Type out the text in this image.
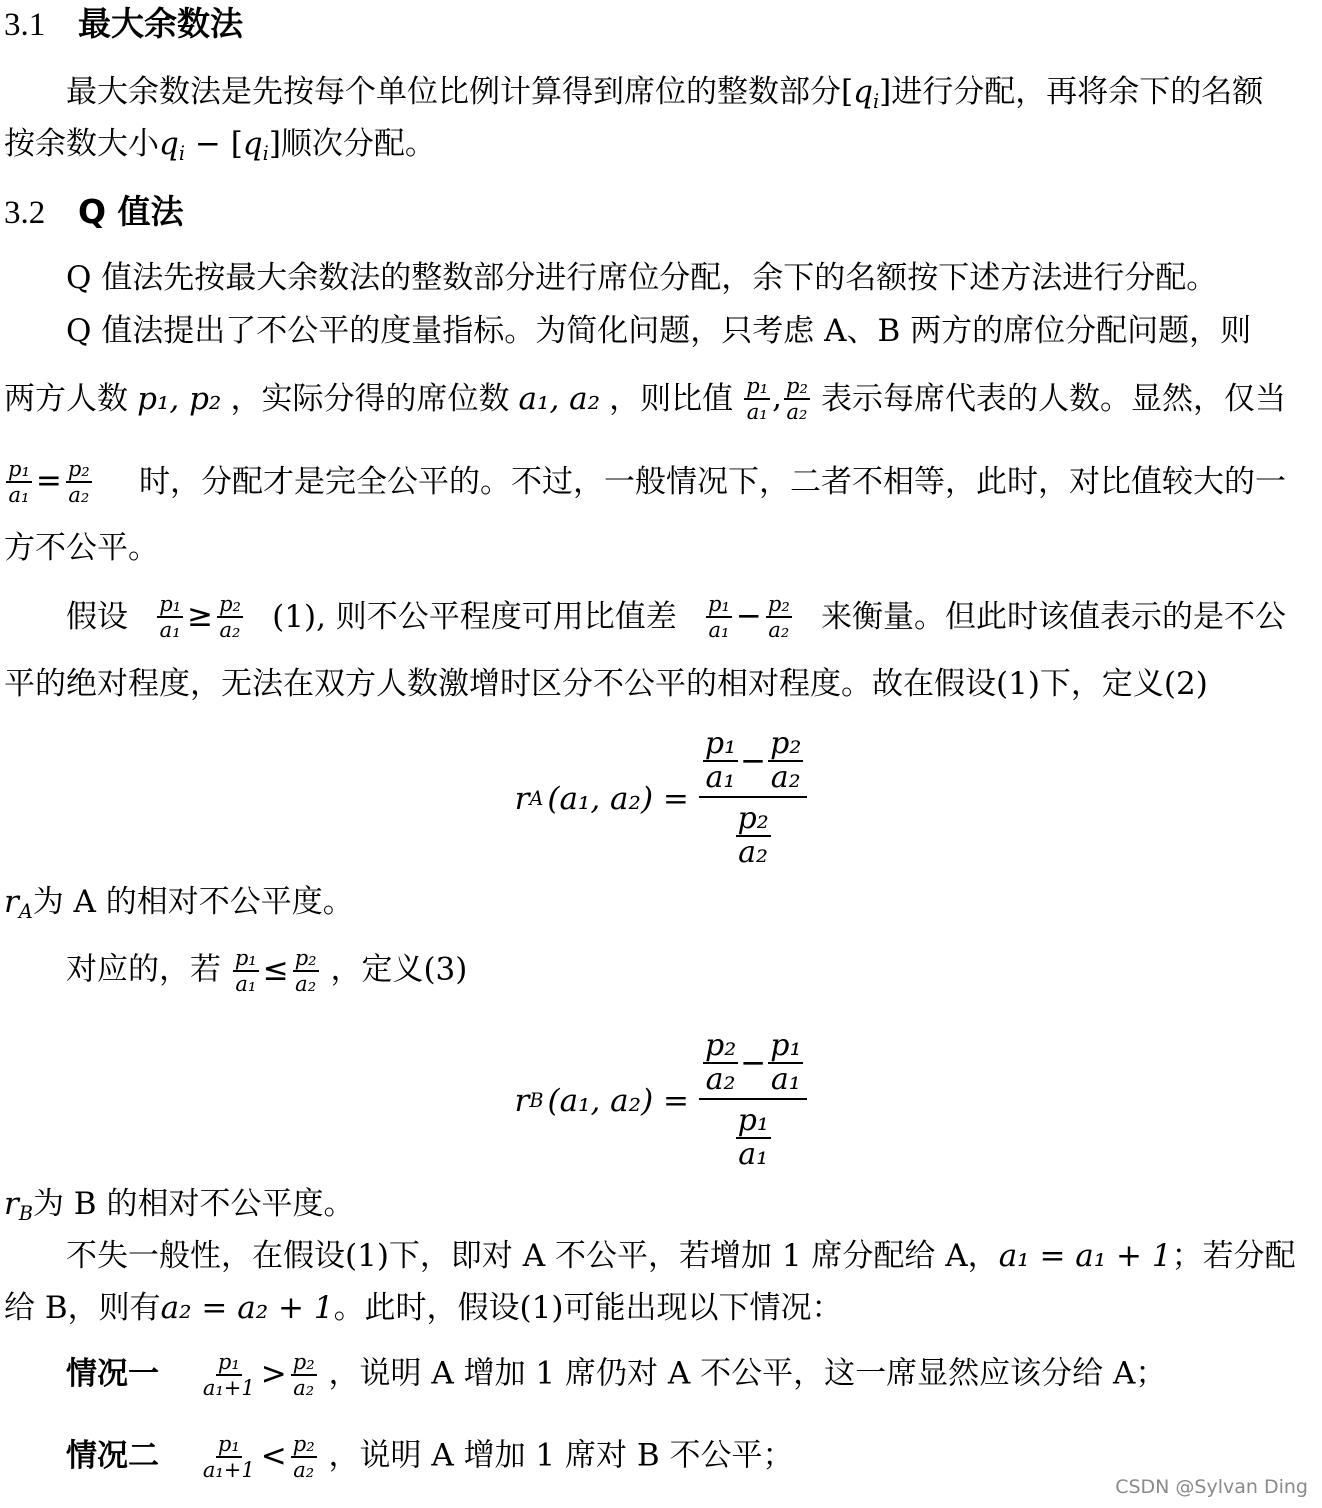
3.1 最大余数法
最大余数法是先按每个单位比例计算得到席位的整数部分$[q_i]$进行分配，再将余下的名额
按余数大小$q_i - [q_i]$顺次分配。
3.2 Q 值法
Q 值法先按最大余数法的整数部分进行席位分配，余下的名额按下述方法进行分配。
Q 值法提出了不公平的度量指标。为简化问题，只考虑 A、B 两方的席位分配问题，则
两方人数 p₁, p₂ ，实际分得的席位数 a₁, a₂ ，则比值 $\frac{\text{p₁}}{\text{a₁}}$ , $\frac{\text{p₂}}{\text{a₂}}$ 表示每席代表的人数。显然，仅当
$\frac{\text{p₁}}{\text{a₁}} = \frac{\text{p₂}}{\text{a₂}}$ 时，分配才是完全公平的。不过，一般情况下，二者不相等，此时，对比值较大的一
方不公平。
假设 $\frac{\text{p₁}}{\text{a₁}} \ge \frac{\text{p₂}}{\text{a₂}} (1)$, 则不公平程度可用比值差 $\frac{\text{p₁}}{\text{a₁}} - \frac{\text{p₂}}{\text{a₂}}$ 来衡量。但此时该值表示的是不公
平的绝对程度，无法在双方人数激增时区分不公平的相对程度。故在假设(1)下，定义(2)
r A (a₁, a₂) = p₁
$a_1 - \frac{\text{p₂}}{\text{a₂}}$
$\frac{\text{p₂}}{\text{a₂}}$
$r_A$为 A 的相对不公平度。
对应的，若 $\frac{\text{p₁}}{\text{a₁}} \le \frac{\text{p₂}}{\text{a₂}}$ ，定义(3)
r B (a₁, a₂) = p₂
$a_2 - \frac{\text{p₁}}{\text{a₁}}$
$\frac{\text{p₁}}{\text{a₁}}$
$r_B$为 B 的相对不公平度。
不失一般性，在假设(1)下，即对 A 不公平，若增加 1 席分配给 A， a₁ = a₁ + 1 ；若分配
给 B，则有a₂ = a₂ + 1。此时，假设(1)可能出现以下情况：
情况一 $\frac{\text{p₁}}{\text{a₁+1}} > \frac{\text{p₂}}{\text{a₂}}$ ，说明 A 增加 1 席仍对 A 不公平，这一席显然应该分给 A；
情况二 $\frac{\text{p₁}}{\text{a₁+1}} < \frac{\text{p₂}}{\text{a₂}}$ ，说明 A 增加 1 席对 B 不公平；
CSDN @Sylvan Ding
